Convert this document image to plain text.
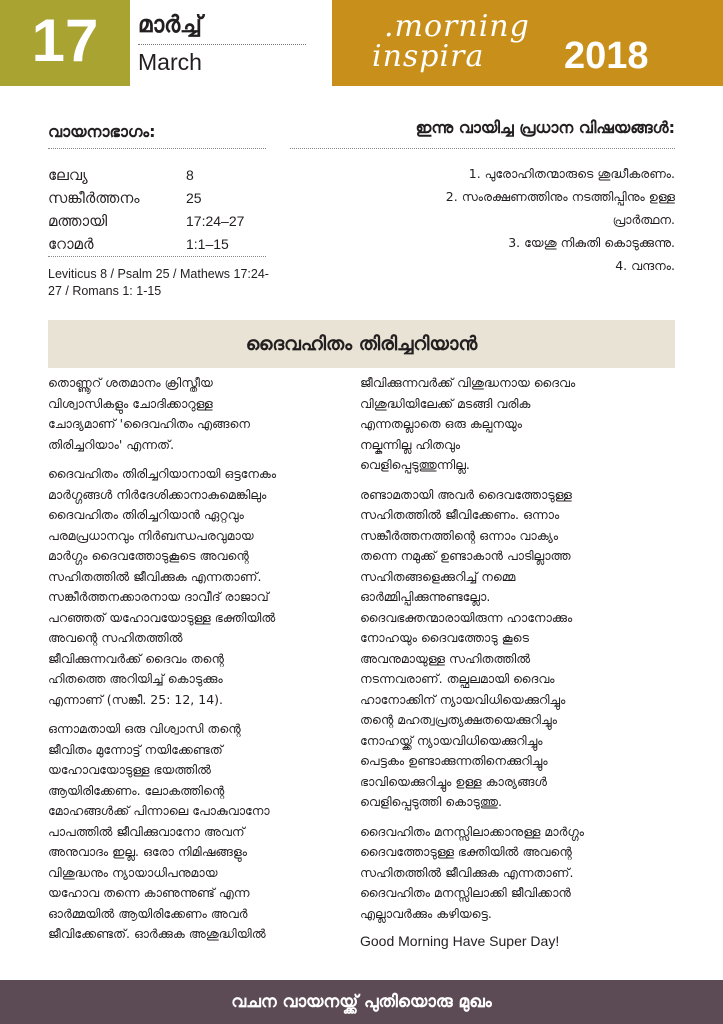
17	മാർച്ച്
March
.morning
inspira 2018
വായനാഭാഗം:	ഇന്നു വായിച്ച പ്രധാന വിഷയങ്ങൾ:
ലേവ്യ	8
സങ്കീർത്തനം	25
മത്തായി	17:24–27
റോമർ	1:1–15
Leviticus 8 / Psalm 25 / Mathews 17:24-
27 / Romans 1: 1-15
1. പുരോഹിതന്മാരുടെ ശുദ്ധീകരണം.
2. സംരക്ഷണത്തിനും നടത്തിപ്പിനും ഉള്ള
പ്രാർത്ഥന.
3. യേശു നികുതി കൊടുക്കുന്നു.
4. വന്ദനം.
ദൈവഹിതം തിരിച്ചറിയാൻ
തൊണ്ണൂറ് ശതമാനം ക്രിസ്തീയ
വിശ്വാസികളും ചോദിക്കാറുള്ള
ചോദ്യമാണ് 'ദൈവഹിതം എങ്ങനെ
തിരിച്ചറിയാം' എന്നത്.
ദൈവഹിതം തിരിച്ചറിയാനായി ഒട്ടനേകം
മാർഗ്ഗങ്ങൾ നിർദേശിക്കാനാകുമെങ്കിലും
ദൈവഹിതം തിരിച്ചറിയാൻ ഏറ്റവും
പരമപ്രധാനവും നിർബന്ധപരവുമായ
മാർഗ്ഗം ദൈവത്തോടുകൂടെ അവന്റെ
സഹിതത്തിൽ ജീവിക്കുക എന്നതാണ്.
സങ്കീർത്തനക്കാരനായ ദാവീദ് രാജാവ്
പറഞ്ഞത് യഹോവയോടുള്ള ഭക്തിയിൽ
അവന്റെ സഹിതത്തിൽ
ജീവിക്കുന്നവർക്ക് ദൈവം തന്റെ
ഹിതത്തെ അറിയിച്ച് കൊടുക്കും
എന്നാണ് (സങ്കീ. 25: 12, 14).
ഒന്നാമതായി ഒരു വിശ്വാസി തന്റെ
ജീവിതം മുന്നോട്ട് നയിക്കേണ്ടത്
യഹോവയോടുള്ള ഭയത്തിൽ
ആയിരിക്കേണം. ലോകത്തിന്റെ
മോഹങ്ങൾക്ക് പിന്നാലെ പോകുവാനോ
പാപത്തിൽ ജീവിക്കുവാനോ അവന്
അനുവാദം ഇല്ല. ഒരോ നിമിഷങ്ങളും
വിശുദ്ധനും ന്യായാധിപനുമായ
യഹോവ തന്നെ കാണുന്നുണ്ട് എന്ന
ഓർമ്മയിൽ ആയിരിക്കേണം അവർ
ജീവിക്കേണ്ടത്. ഓർക്കുക അശുദ്ധിയിൽ
ജീവിക്കുന്നവർക്ക് വിശുദ്ധനായ ദൈവം
വിശുദ്ധിയിലേക്ക് മടങ്ങി വരിക
എന്നതല്ലാതെ ഒരു കല്പനയും
നല്കുന്നില്ല ഹിതവും
വെളിപ്പെടുത്തുന്നില്ല.
രണ്ടാമതായി അവർ ദൈവത്തോടുള്ള
സഹിതത്തിൽ ജീവിക്കേണം. ഒന്നാം
സങ്കീർത്തനത്തിന്റെ ഒന്നാം വാക്യം
തന്നെ നമുക്ക് ഉണ്ടാകാൻ പാടില്ലാത്ത
സഹിതങ്ങളെക്കുറിച്ച് നമ്മെ
ഓർമ്മിപ്പിക്കുന്നുണ്ടല്ലോ.
ദൈവഭക്തന്മാരായിരുന്ന ഹാനോക്കും
നോഹയും ദൈവത്തോടു കൂടെ
അവനുമായുള്ള സഹിതത്തിൽ
നടന്നവരാണ്. തല്ഫലമായി ദൈവം
ഹാനോക്കിന് ന്യായവിധിയെക്കുറിച്ചും
തന്റെ മഹത്വപ്രത്യക്ഷതയെക്കുറിച്ചും
നോഹയ്ക്ക് ന്യായവിധിയെക്കുറിച്ചും
പെട്ടകം ഉണ്ടാക്കുന്നതിനെക്കുറിച്ചും
ഭാവിയെക്കുറിച്ചും ഉള്ള കാര്യങ്ങൾ
വെളിപ്പെടുത്തി കൊടുത്തു.
ദൈവഹിതം മനസ്സിലാക്കാനുള്ള മാർഗ്ഗം
ദൈവത്തോടുള്ള ഭക്തിയിൽ അവന്റെ
സഹിതത്തിൽ ജീവിക്കുക എന്നതാണ്.
ദൈവഹിതം മനസ്സിലാക്കി ജീവിക്കാൻ
എല്ലാവർക്കും കഴിയട്ടെ.
Good Morning Have Super Day!
വചന വായനയ്ക്ക് പുതിയൊരു മുഖം
